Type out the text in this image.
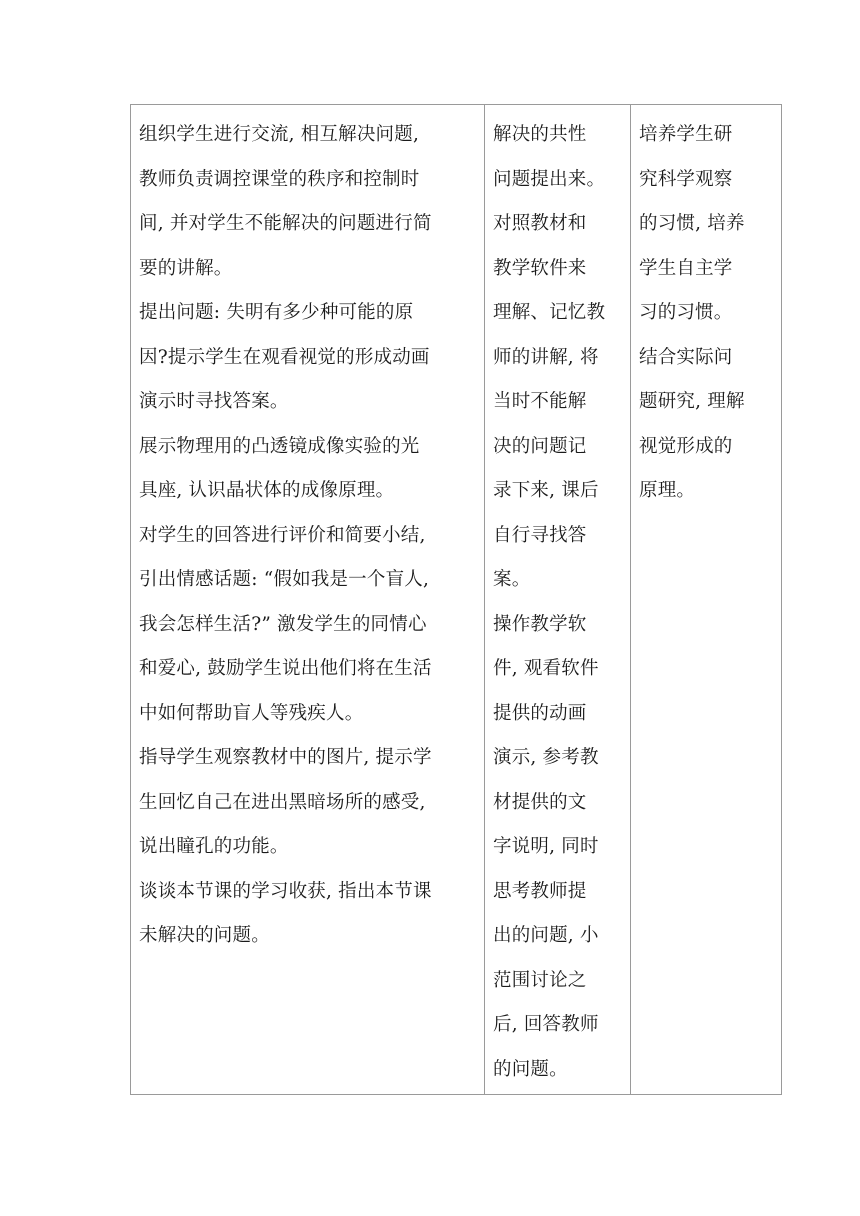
组织学生进行交流, 相互解决问题,
教师负责调控课堂的秩序和控制时
间, 并对学生不能解决的问题进行简
要的讲解。
提出问题: 失明有多少种可能的原
因?提示学生在观看视觉的形成动画
演示时寻找答案。
展示物理用的凸透镜成像实验的光
具座, 认识晶状体的成像原理。
对学生的回答进行评价和简要小结,
引出情感话题: “假如我是一个盲人,
我会怎样生活?” 激发学生的同情心
和爱心, 鼓励学生说出他们将在生活
中如何帮助盲人等残疾人。
指导学生观察教材中的图片, 提示学
生回忆自己在进出黑暗场所的感受,
说出瞳孔的功能。
谈谈本节课的学习收获, 指出本节课
未解决的问题。

解决的共性
问题提出来。
对照教材和
教学软件来
理解、记忆教
师的讲解, 将
当时不能解
决的问题记
录下来, 课后
自行寻找答
案。
操作教学软
件, 观看软件
提供的动画
演示, 参考教
材提供的文
字说明, 同时
思考教师提
出的问题, 小
范围讨论之
后, 回答教师
的问题。

培养学生研
究科学观察
的习惯, 培养
学生自主学
习的习惯。
结合实际问
题研究, 理解
视觉形成的
原理。
